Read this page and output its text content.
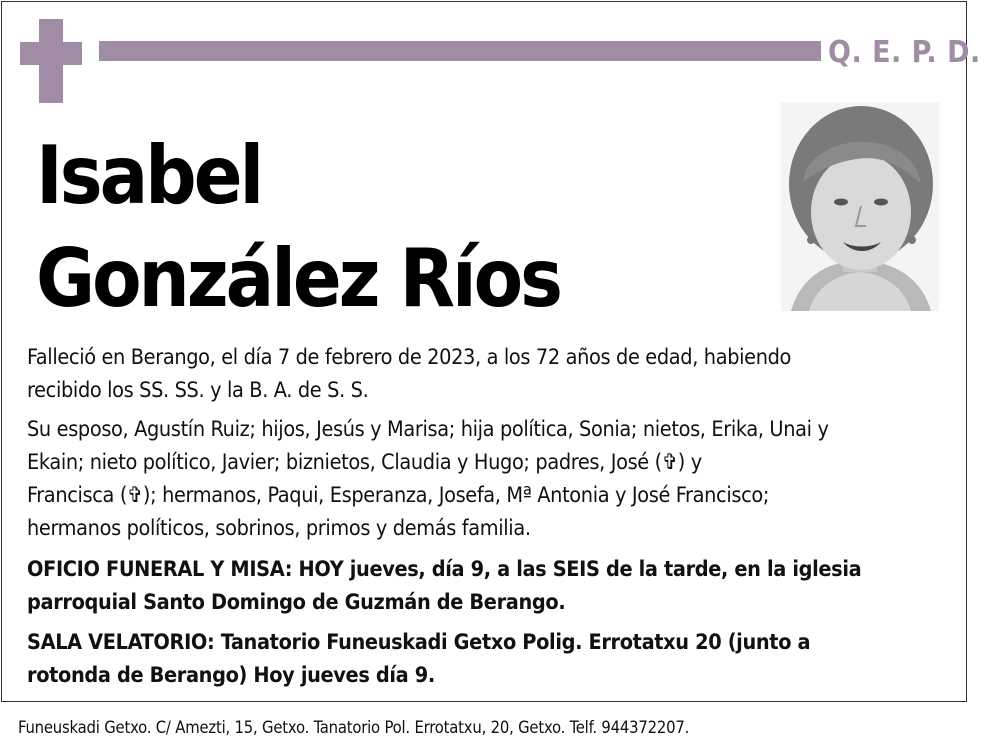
Q. E. P. D.
Isabel
González Ríos
Falleció en Berango, el día 7 de febrero de 2023, a los 72 años de edad, habiendo
recibido los SS. SS. y la B. A. de S. S.
Su esposo, Agustín Ruiz; hijos, Jesús y Marisa; hija política, Sonia; nietos, Erika, Unai y
Ekain; nieto político, Javier; biznietos, Claudia y Hugo; padres, José (✞) y
Francisca (✞); hermanos, Paqui, Esperanza, Josefa, Mª Antonia y José Francisco;
hermanos políticos, sobrinos, primos y demás familia.
OFICIO FUNERAL Y MISA: HOY jueves, día 9, a las SEIS de la tarde, en la iglesia
parroquial Santo Domingo de Guzmán de Berango.
SALA VELATORIO: Tanatorio Funeuskadi Getxo Polig. Errotatxu 20 (junto a
rotonda de Berango) Hoy jueves día 9.
Funeuskadi Getxo. C/ Amezti, 15, Getxo. Tanatorio Pol. Errotatxu, 20, Getxo. Telf. 944372207.
